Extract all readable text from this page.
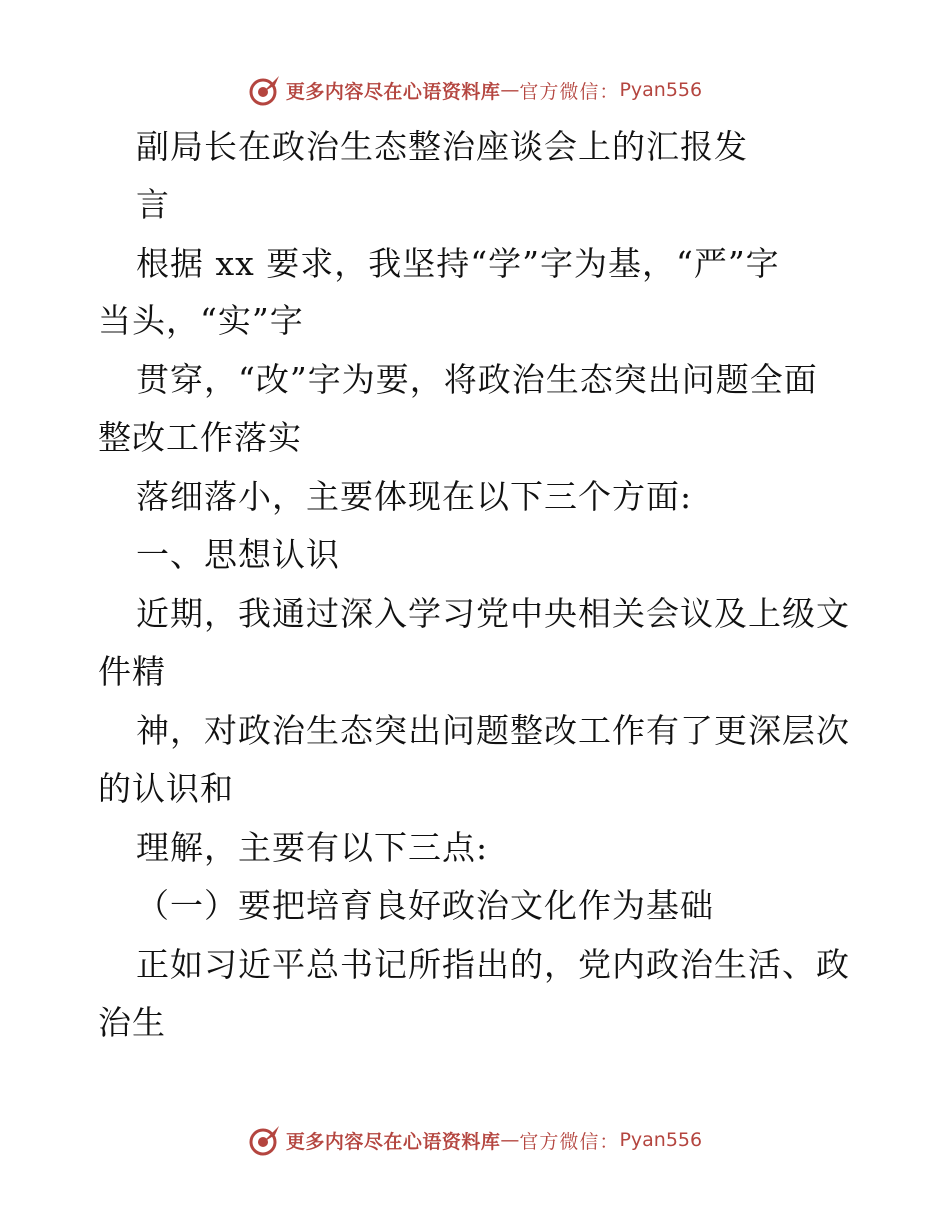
更多内容尽在心语资料库 — 官方微信： Pyan556
副局长在政治生态整治座谈会上的汇报发
言
根据 xx 要求，我坚持“学”字为基，“严”字
当头，“实”字
贯穿，“改”字为要，将政治生态突出问题全面
整改工作落实
落细落小，主要体现在以下三个方面:
一、思想认识
近期，我通过深入学习党中央相关会议及上级文
件精
神，对政治生态突出问题整改工作有了更深层次
的认识和
理解，主要有以下三点:
（一）要把培育良好政治文化作为基础
正如习近平总书记所指出的，党内政治生活、政
治生
更多内容尽在心语资料库 — 官方微信： Pyan556
